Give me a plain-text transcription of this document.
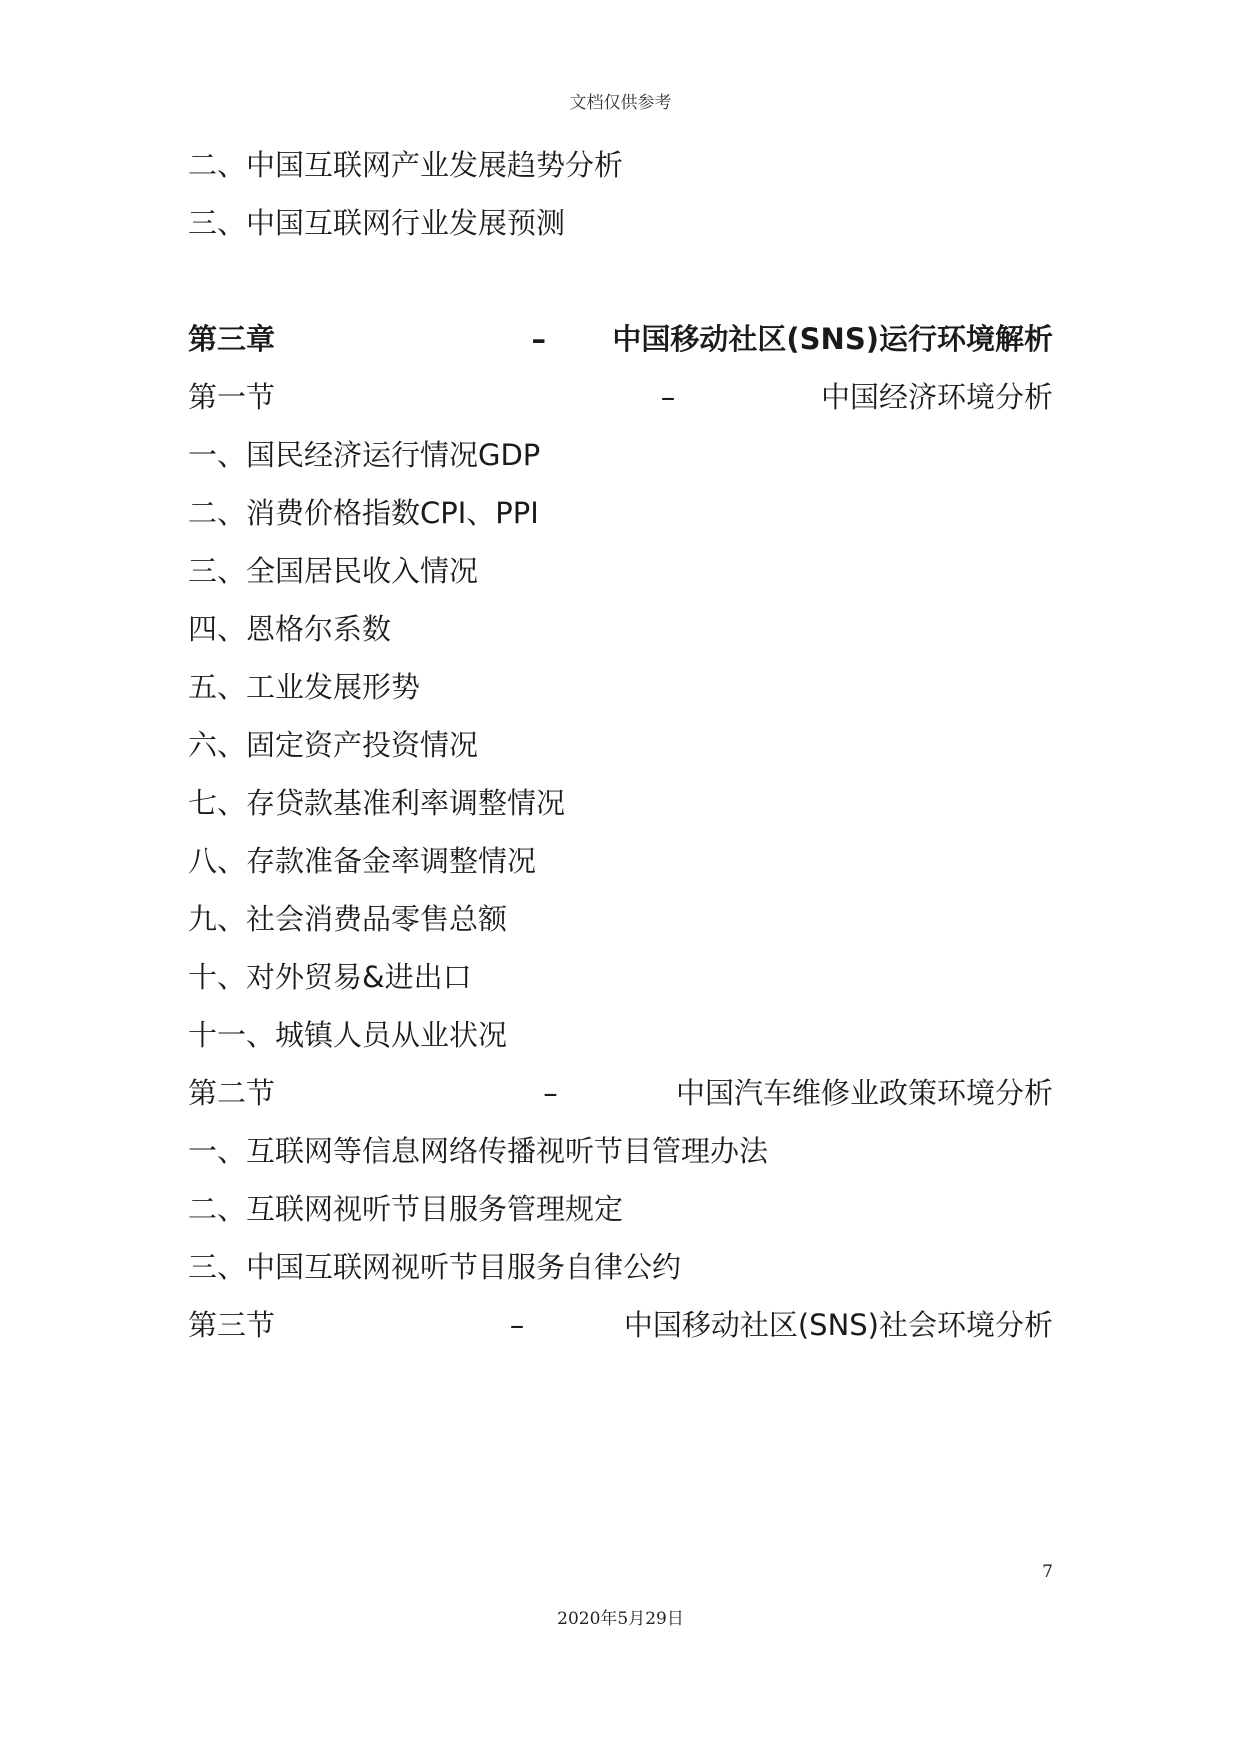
文档仅供参考
二、中国互联网产业发展趋势分析
三、中国互联网行业发展预测
第三章	– 中国移动社区(SNS)运行环境解析
第一节	–	中国经济环境分析
一、国民经济运行情况GDP
二、消费价格指数CPI、PPI
三、全国居民收入情况
四、恩格尔系数
五、工业发展形势
六、固定资产投资情况
七、存贷款基准利率调整情况
八、存款准备金率调整情况
九、社会消费品零售总额
十、对外贸易&进出口
十一、城镇人员从业状况
第二节	–	中国汽车维修业政策环境分析
一、互联网等信息网络传播视听节目管理办法
二、互联网视听节目服务管理规定
三、中国互联网视听节目服务自律公约
第三节	–	中国移动社区(SNS)社会环境分析
7
2020年5月29日
